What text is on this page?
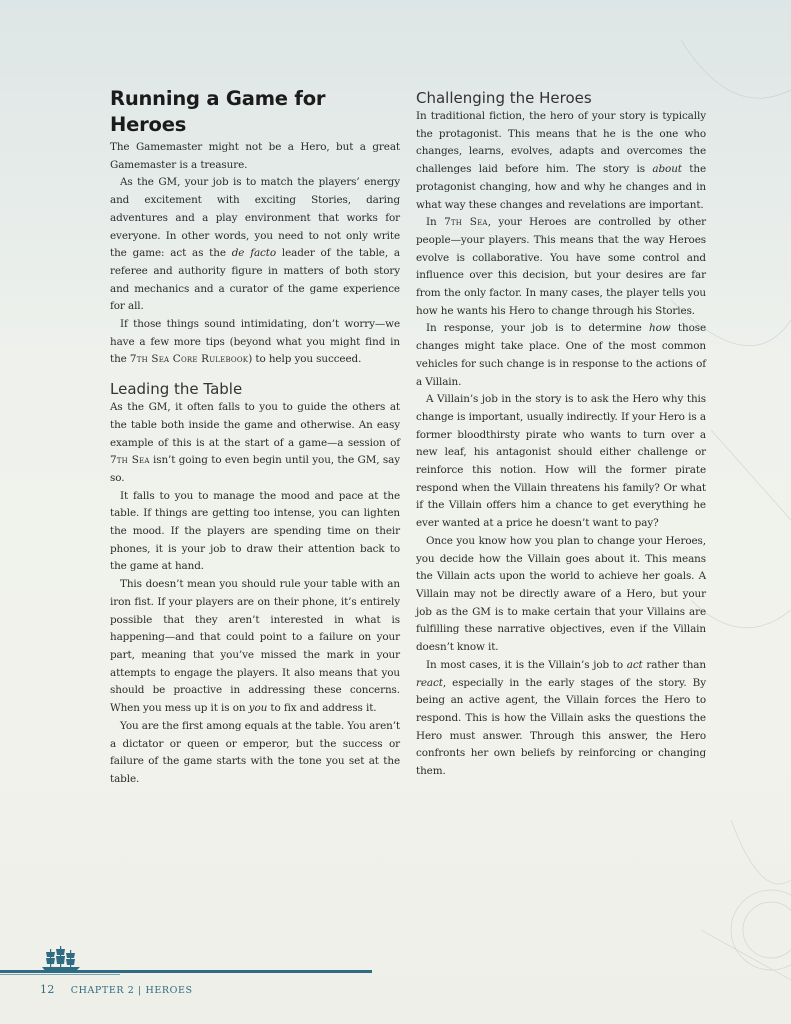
Running a Game for Heroes

The Gamemaster might not be a Hero, but a great Gamemaster is a treasure.

As the GM, your job is to match the players’ energy and excitement with exciting Stories, daring adventures and a play environment that works for everyone. In other words, you need to not only write the game: act as the de facto leader of the table, a referee and authority figure in matters of both story and mechanics and a curator of the game experience for all.

If those things sound intimidating, don’t worry—we have a few more tips (beyond what you might find in the 7th Sea Core Rulebook) to help you succeed.

Leading the Table

As the GM, it often falls to you to guide the others at the table both inside the game and otherwise. An easy example of this is at the start of a game—a session of 7th Sea isn’t going to even begin until you, the GM, say so.

It falls to you to manage the mood and pace at the table. If things are getting too intense, you can lighten the mood. If the players are spending time on their phones, it is your job to draw their attention back to the game at hand.

This doesn’t mean you should rule your table with an iron fist. If your players are on their phone, it’s entirely possible that they aren’t interested in what is happening—and that could point to a failure on your part, meaning that you’ve missed the mark in your attempts to engage the players. It also means that you should be proactive in addressing these concerns. When you mess up it is on you to fix and address it.

You are the first among equals at the table. You aren’t a dictator or queen or emperor, but the success or failure of the game starts with the tone you set at the table.

Challenging the Heroes

In traditional fiction, the hero of your story is typically the protagonist. This means that he is the one who changes, learns, evolves, adapts and overcomes the challenges laid before him. The story is about the protagonist changing, how and why he changes and in what way these changes and revelations are important.

In 7th Sea, your Heroes are controlled by other people—your players. This means that the way Heroes evolve is collaborative. You have some control and influence over this decision, but your desires are far from the only factor. In many cases, the player tells you how he wants his Hero to change through his Stories.

In response, your job is to determine how those changes might take place. One of the most common vehicles for such change is in response to the actions of a Villain.

A Villain’s job in the story is to ask the Hero why this change is important, usually indirectly. If your Hero is a former bloodthirsty pirate who wants to turn over a new leaf, his antagonist should either challenge or reinforce this notion. How will the former pirate respond when the Villain threatens his family? Or what if the Villain offers him a chance to get everything he ever wanted at a price he doesn’t want to pay?

Once you know how you plan to change your Heroes, you decide how the Villain goes about it. This means the Villain acts upon the world to achieve her goals. A Villain may not be directly aware of a Hero, but your job as the GM is to make certain that your Villains are fulfilling these narrative objectives, even if the Villain doesn’t know it.

In most cases, it is the Villain’s job to act rather than react, especially in the early stages of the story. By being an active agent, the Villain forces the Hero to respond. This is how the Villain asks the questions the Hero must answer. Through this answer, the Hero confronts her own beliefs by reinforcing or changing them.

12 CHAPTER 2 | HEROES
